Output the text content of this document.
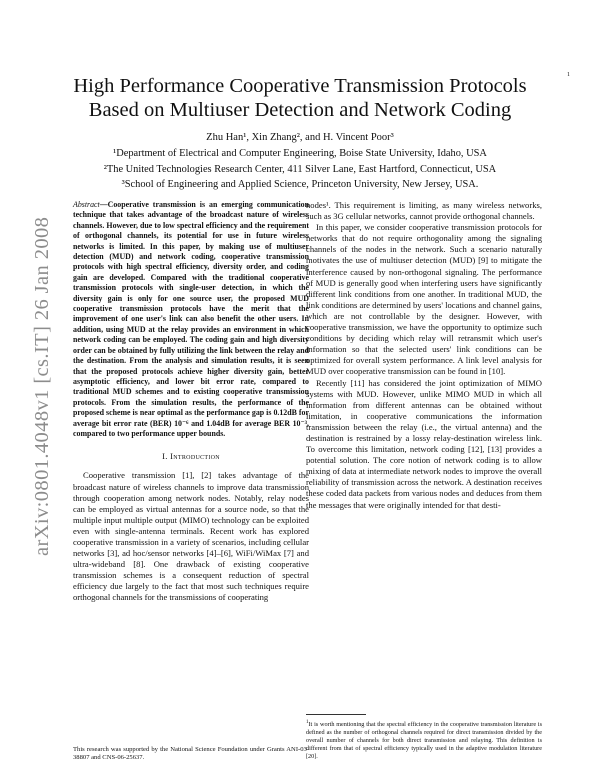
1
arXiv:0801.4048v1 [cs.IT] 26 Jan 2008
High Performance Cooperative Transmission Protocols
Based on Multiuser Detection and Network Coding
Zhu Han¹, Xin Zhang², and H. Vincent Poor³
¹Department of Electrical and Computer Engineering, Boise State University, Idaho, USA
²The United Technologies Research Center, 411 Silver Lane, East Hartford, Connecticut, USA
³School of Engineering and Applied Science, Princeton University, New Jersey, USA.

Abstract—Cooperative transmission is an emerging communication technique that takes advantage of the broadcast nature of wireless channels. However, due to low spectral efficiency and the requirement of orthogonal channels, its potential for use in future wireless networks is limited. In this paper, by making use of multiuser detection (MUD) and network coding, cooperative transmission protocols with high spectral efficiency, diversity order, and coding gain are developed. Compared with the traditional cooperative transmission protocols with single-user detection, in which the diversity gain is only for one source user, the proposed MUD cooperative transmission protocols have the merit that the improvement of one user's link can also benefit the other users. In addition, using MUD at the relay provides an environment in which network coding can be employed. The coding gain and high diversity order can be obtained by fully utilizing the link between the relay and the destination. From the analysis and simulation results, it is seen that the proposed protocols achieve higher diversity gain, better asymptotic efficiency, and lower bit error rate, compared to traditional MUD schemes and to existing cooperative transmission protocols. From the simulation results, the performance of the proposed scheme is near optimal as the performance gap is 0.12dB for average bit error rate (BER) 10⁻⁶ and 1.04dB for average BER 10⁻³, compared to two performance upper bounds.

I. Introduction

Cooperative transmission [1], [2] takes advantage of the broadcast nature of wireless channels to improve data transmission through cooperation among network nodes. Notably, relay nodes can be employed as virtual antennas for a source node, so that the multiple input multiple output (MIMO) technology can be exploited even with single-antenna terminals. Recent work has explored cooperative transmission in a variety of scenarios, including cellular networks [3], ad hoc/sensor networks [4]–[6], WiFi/WiMax [7] and ultra-wideband [8]. One drawback of existing cooperative transmission schemes is a consequent reduction of spectral efficiency due largely to the fact that most such techniques require orthogonal channels for the transmissions of cooperating

This research was supported by the National Science Foundation under Grants ANI-03-38807 and CNS-06-25637.

nodes¹. This requirement is limiting, as many wireless networks, such as 3G cellular networks, cannot provide orthogonal channels.

In this paper, we consider cooperative transmission protocols for networks that do not require orthogonality among the signaling channels of the nodes in the network. Such a scenario naturally motivates the use of multiuser detection (MUD) [9] to mitigate the interference caused by non-orthogonal signaling. The performance of MUD is generally good when interfering users have significantly different link conditions from one another. In traditional MUD, the link conditions are determined by users' locations and channel gains, which are not controllable by the designer. However, with cooperative transmission, we have the opportunity to optimize such conditions by deciding which relay will retransmit which user's information so that the selected users' link conditions can be optimized for overall system performance. A link level analysis for MUD over cooperative transmission can be found in [10].

Recently [11] has considered the joint optimization of MIMO systems with MUD. However, unlike MIMO MUD in which all information from different antennas can be obtained without limitation, in cooperative communications the information transmission between the relay (i.e., the virtual antenna) and the destination is restrained by a lossy relay-destination wireless link. To overcome this limitation, network coding [12], [13] provides a potential solution. The core notion of network coding is to allow mixing of data at intermediate network nodes to improve the overall reliability of transmission across the network. A destination receives these coded data packets from various nodes and deduces from them the messages that were originally intended for that desti-

$^1$It is worth mentioning that the spectral efficiency in the cooperative transmission literature is defined as the number of orthogonal channels required for direct transmission divided by the overall number of channels for both direct transmission and relaying. This definition is different from that of spectral efficiency typically used in the adaptive modulation literature [20].
